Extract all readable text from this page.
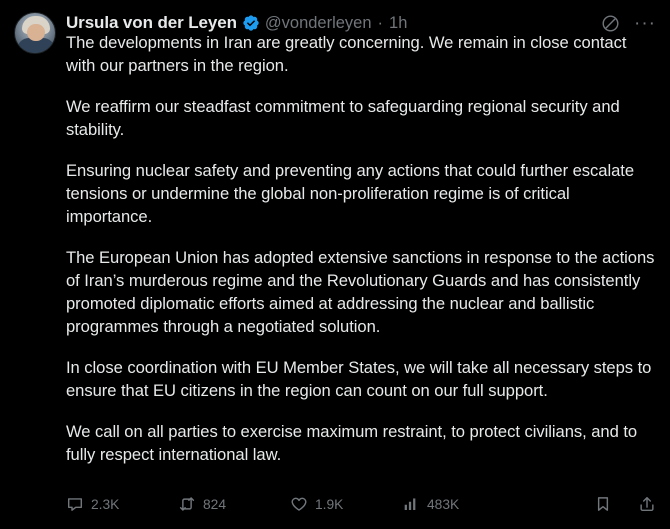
Ursula von der Leyen @vonderleyen · 1h	···

The developments in Iran are greatly concerning. We remain in close contact with our partners in the region.

We reaffirm our steadfast commitment to safeguarding regional security and stability.

Ensuring nuclear safety and preventing any actions that could further escalate tensions or undermine the global non-proliferation regime is of critical importance.

The European Union has adopted extensive sanctions in response to the actions of Iran’s murderous regime and the Revolutionary Guards and has consistently promoted diplomatic efforts aimed at addressing the nuclear and ballistic programmes through a negotiated solution.

In close coordination with EU Member States, we will take all necessary steps to ensure that EU citizens in the region can count on our full support.

We call on all parties to exercise maximum restraint, to protect civilians, and to fully respect international law.

2.3K	824	1.9K	483K
